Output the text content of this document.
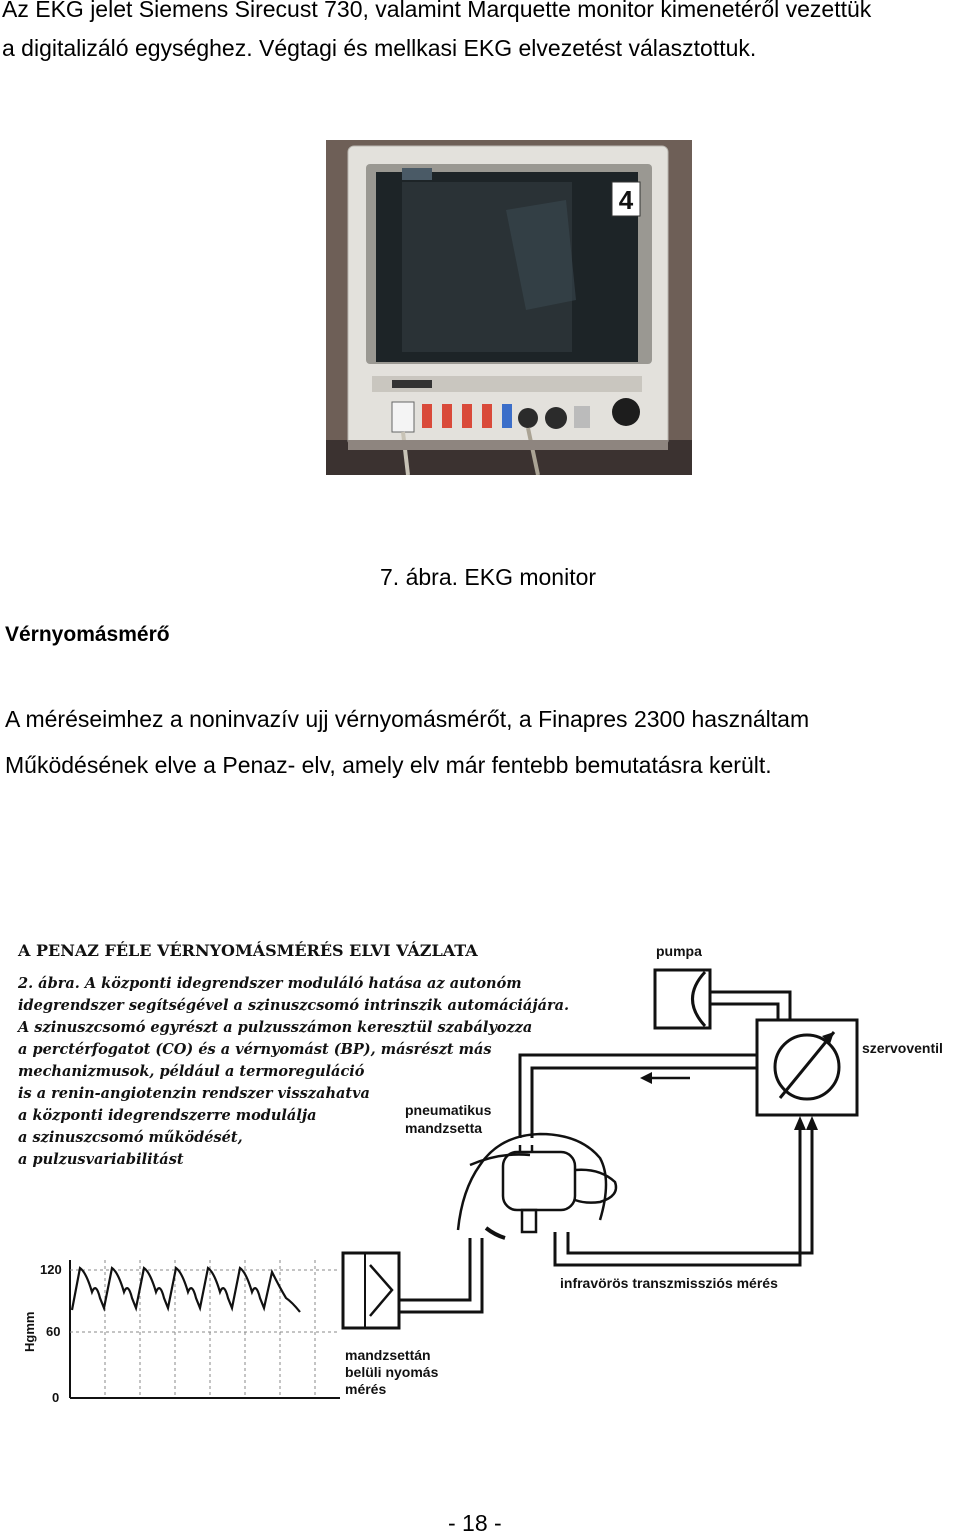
Az EKG jelet Siemens Sirecust 730, valamint Marquette monitor kimenetéről vezettük
a digitalizáló egységhez. Végtagi és mellkasi EKG elvezetést választottuk.
4
7. ábra. EKG monitor
Vérnyomásmérő
A méréseimhez a noninvazív ujj vérnyomásmérőt, a Finapres 2300 használtam
Működésének elve a Penaz- elv, amely elv már fentebb bemutatásra került.
A PENAZ FÉLE VÉRNYOMÁSMÉRÉS ELVI VÁZLATA
2. ábra. A központi idegrendszer moduláló hatása az autonóm
idegrendszer segítségével a szinuszcsomó intrinszik automáciájára.
A szinuszcsomó egyrészt a pulzusszámon keresztül szabályozza
a perctérfogatot (CO) és a vérnyomást (BP), másrészt más
mechanizmusok, például a termoreguláció
is a renin-angiotenzin rendszer visszahatva
a központi idegrendszerre modulálja
a szinuszcsomó működését,
a pulzusvariabilitást
pumpa
szervoventil
pneumatikus
mandzsetta
infravörös transzmissziós mérés
mandzsettán
belüli nyomás
mérés
120
60
0
Hgmm
- 18 -
